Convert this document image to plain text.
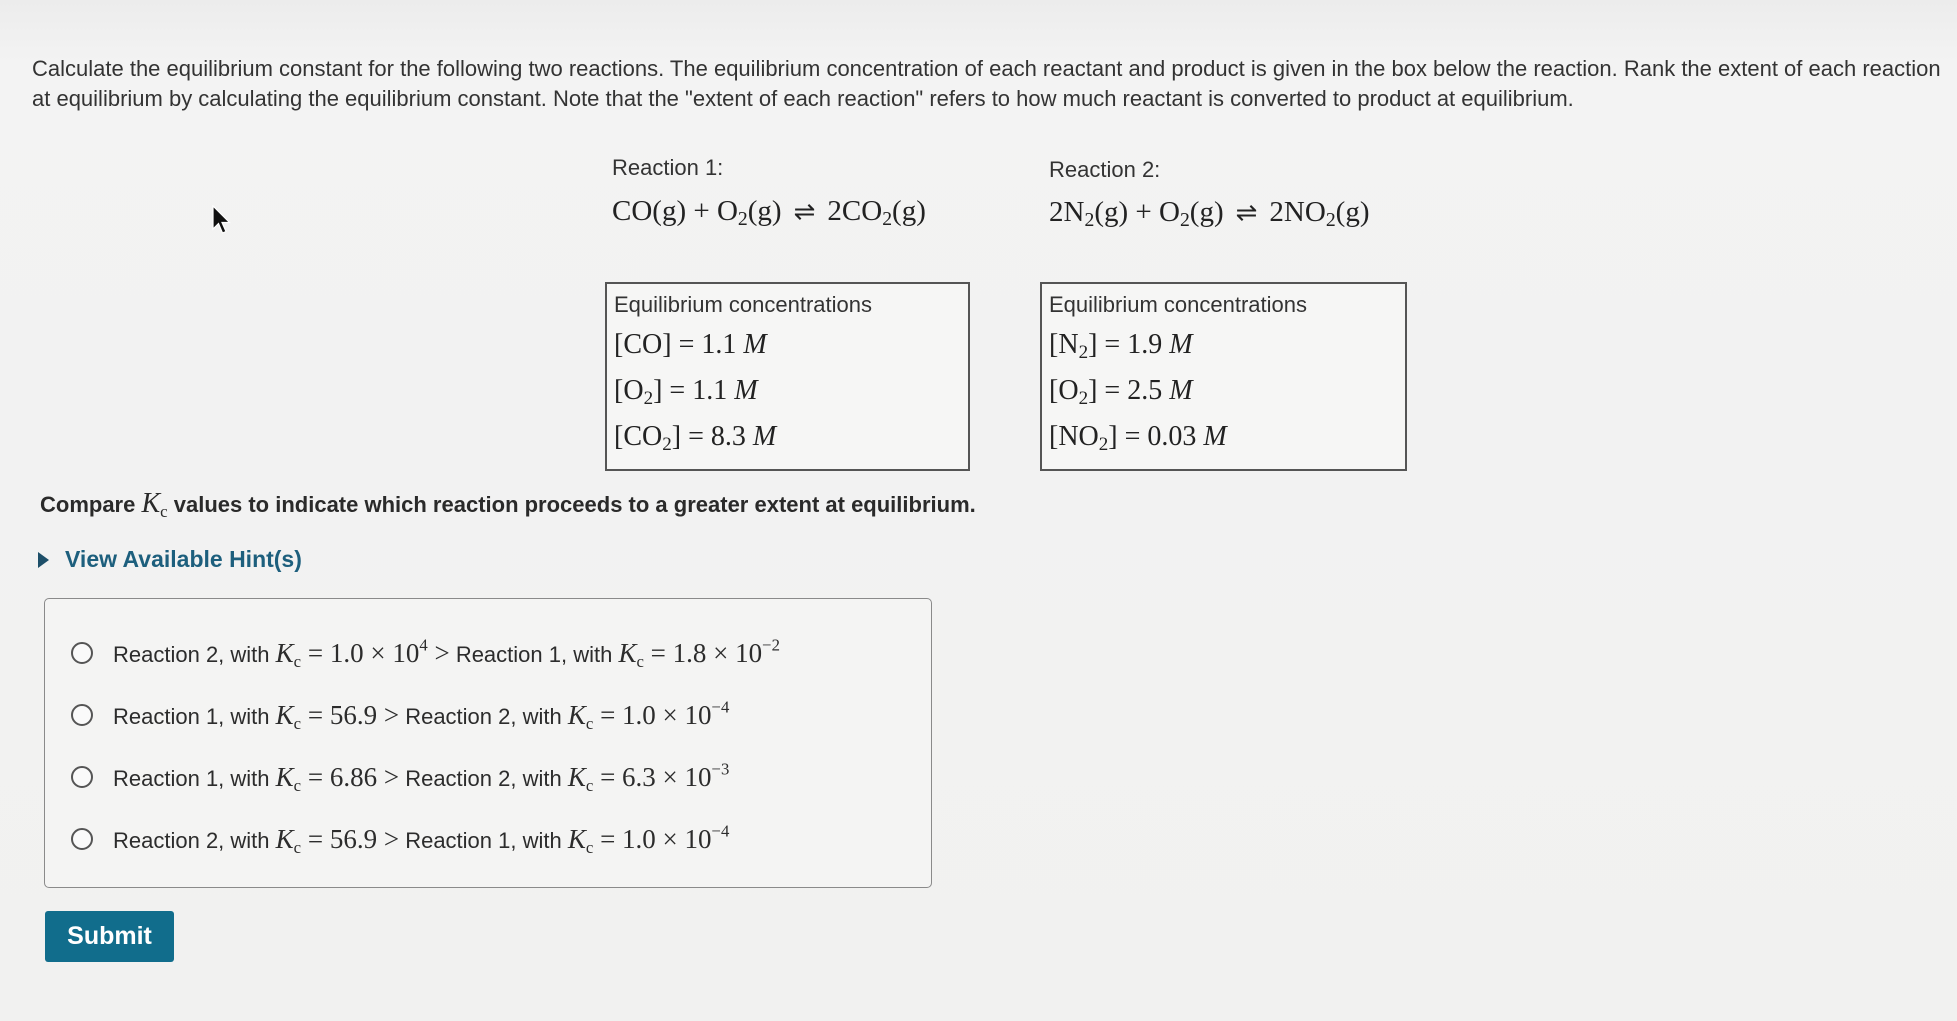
Calculate the equilibrium constant for the following two reactions. The equilibrium concentration of each reactant and product is given in the box below the reaction. Rank the extent of each reaction at equilibrium by calculating the equilibrium constant. Note that the "extent of each reaction" refers to how much reactant is converted to product at equilibrium.
Reaction 1:
$CO(g) + O_2(g)$ ⇌ $2CO_2(g)$
Reaction 2:
$2N_2(g) + O_2(g)$ ⇌ $2NO_2(g)$
Equilibrium concentrations
[CO] = 1.1 M
$[O_2] = 1.1$ M
$[CO_2] = 8.3$ M
Equilibrium concentrations
$[N_2] = 1.9$ M
$[O_2] = 2.5$ M
$[NO_2] = 0.03$ M
Compare $K_c$ values to indicate which reaction proceeds to a greater extent at equilibrium.
View Available Hint(s)
Reaction 2, with $K_c = 1.0 \times 10^4$ > Reaction 1, with $K_c = 1.8 \times 10^{-2}$
Reaction 1, with $K_c = 56.9$ > Reaction 2, with $K_c = 1.0 \times 10^{-4}$
Reaction 1, with $K_c = 6.86$ > Reaction 2, with $K_c = 6.3 \times 10^{-3}$
Reaction 2, with $K_c = 56.9$ > Reaction 1, with $K_c = 1.0 \times 10^{-4}$
Submit
